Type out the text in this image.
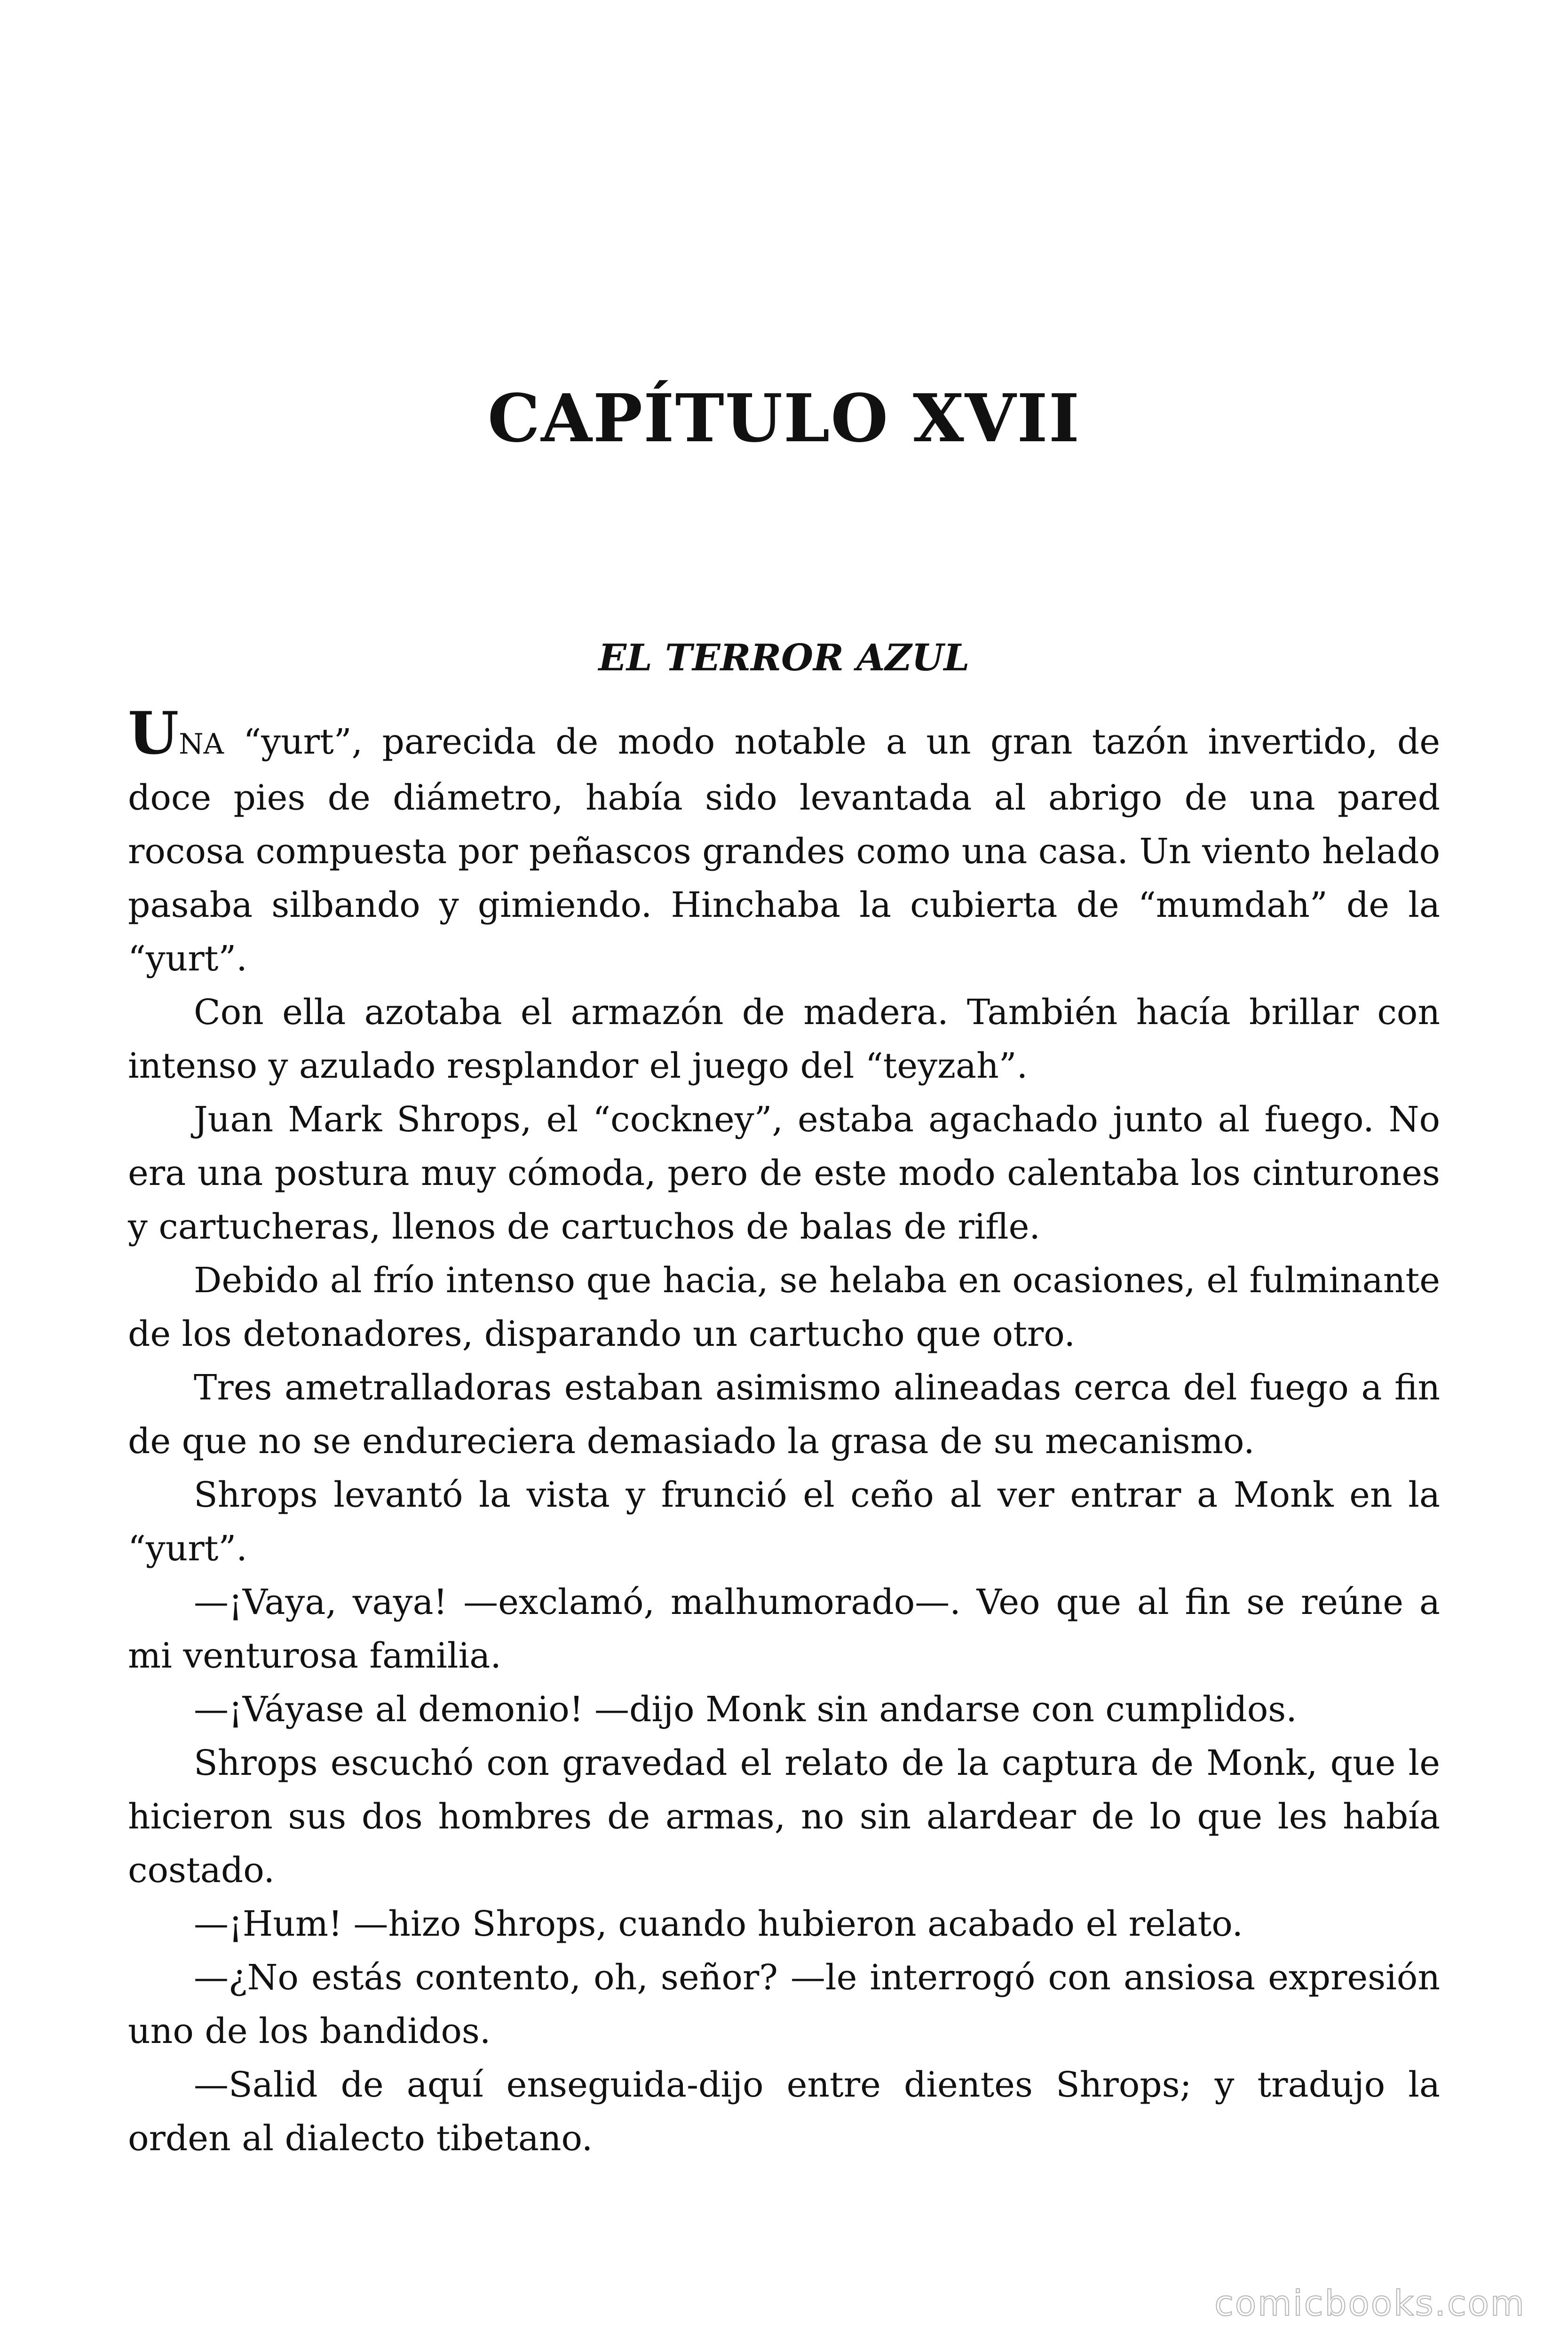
CAPÍTULO XVII
EL TERROR AZUL

UNA “yurt”, parecida de modo notable a un gran tazón invertido, de doce pies de diámetro, había sido levantada al abrigo de una pared rocosa compuesta por peñascos grandes como una casa. Un viento helado pasaba silbando y gimiendo. Hinchaba la cubierta de “mumdah” de la “yurt”.

Con ella azotaba el armazón de madera. También hacía brillar con intenso y azulado resplandor el juego del “teyzah”.

Juan Mark Shrops, el “cockney”, estaba agachado junto al fuego. No era una postura muy cómoda, pero de este modo calentaba los cinturones y cartucheras, llenos de cartuchos de balas de rifle.

Debido al frío intenso que hacia, se helaba en ocasiones, el fulminante de los detonadores, disparando un cartucho que otro.

Tres ametralladoras estaban asimismo alineadas cerca del fuego a fin de que no se endureciera demasiado la grasa de su mecanismo.

Shrops levantó la vista y frunció el ceño al ver entrar a Monk en la “yurt”.

—¡Vaya, vaya! —exclamó, malhumorado—. Veo que al fin se reúne a mi venturosa familia.

—¡Váyase al demonio! —dijo Monk sin andarse con cumplidos.

Shrops escuchó con gravedad el relato de la captura de Monk, que le hicieron sus dos hombres de armas, no sin alardear de lo que les había costado.

—¡Hum! —hizo Shrops, cuando hubieron acabado el relato.

—¿No estás contento, oh, señor? —le interrogó con ansiosa expresión uno de los bandidos.

—Salid de aquí enseguida-dijo entre dientes Shrops; y tradujo la orden al dialecto tibetano.

comicbooks.com
